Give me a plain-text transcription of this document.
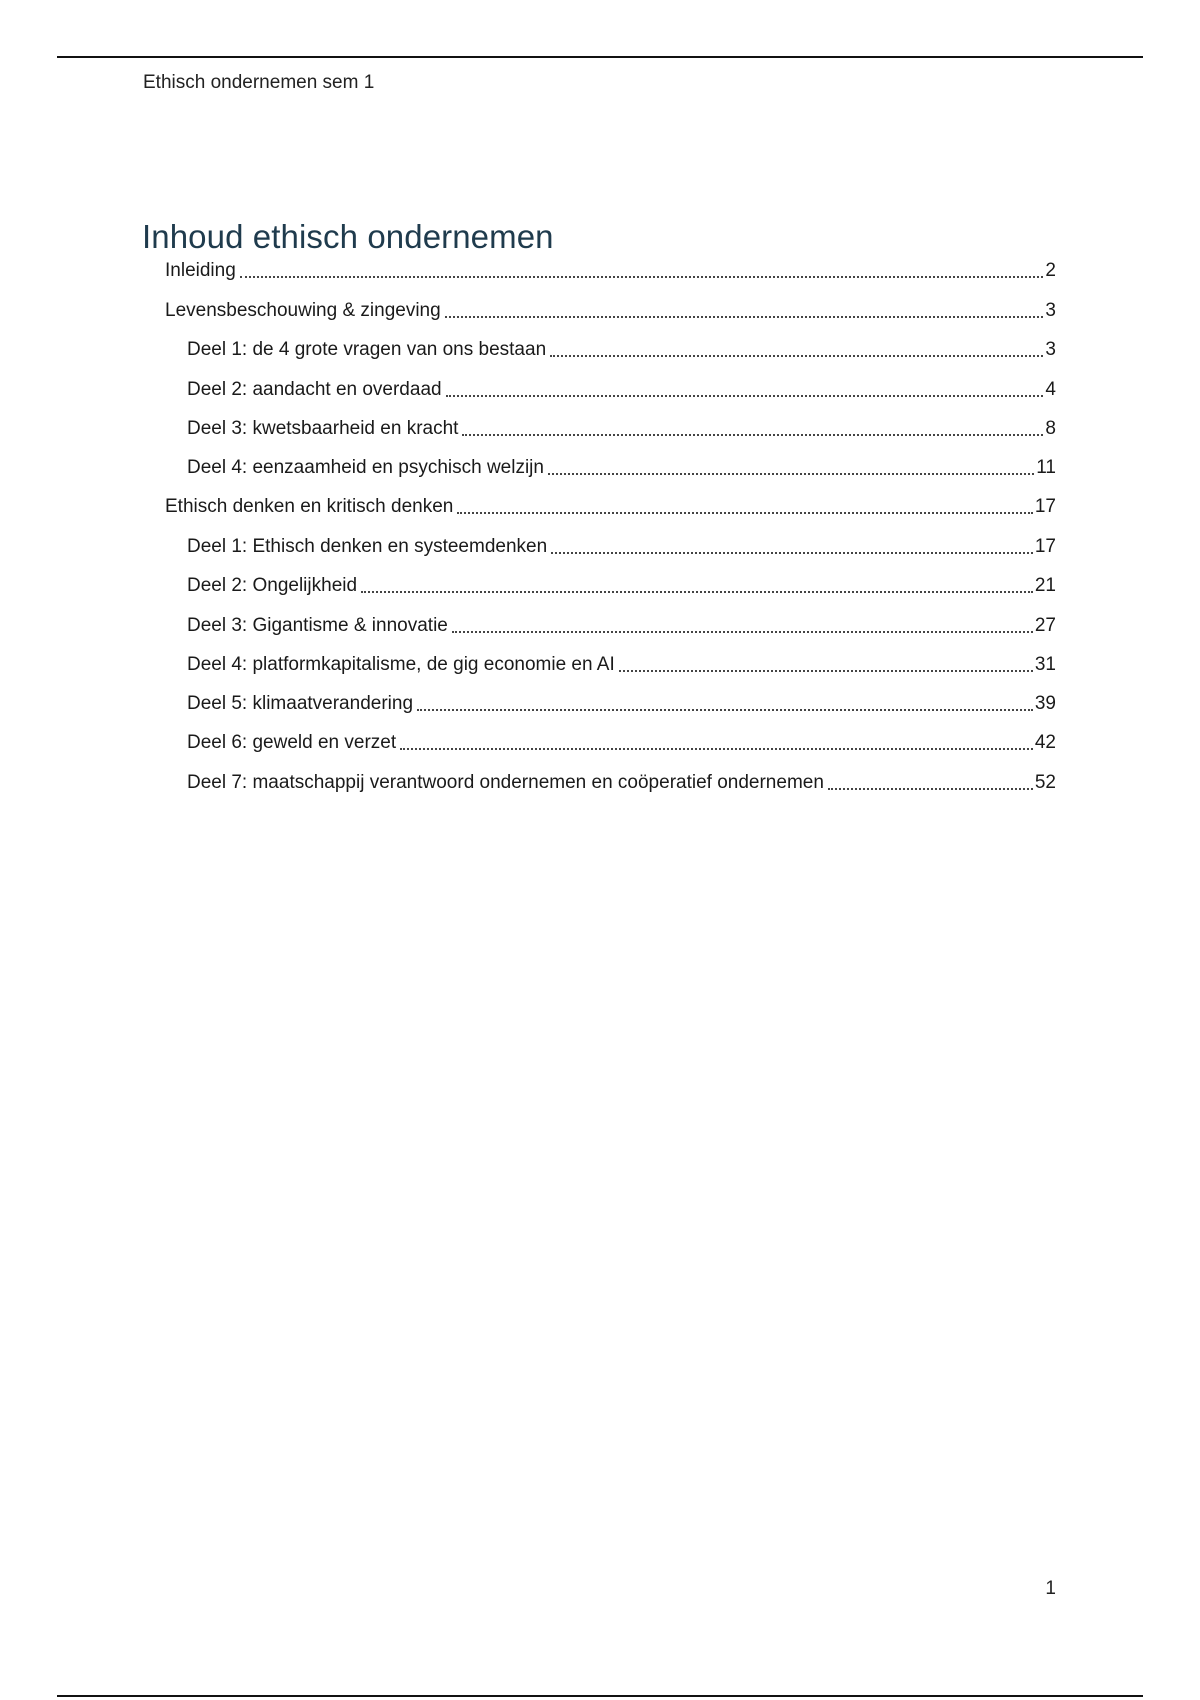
Ethisch ondernemen sem 1
Inhoud ethisch ondernemen
Inleiding	2
Levensbeschouwing & zingeving	3
Deel 1: de 4 grote vragen van ons bestaan	3
Deel 2: aandacht en overdaad	4
Deel 3: kwetsbaarheid en kracht	8
Deel 4: eenzaamheid en psychisch welzijn	11
Ethisch denken en kritisch denken	17
Deel 1: Ethisch denken en systeemdenken	17
Deel 2: Ongelijkheid	21
Deel 3: Gigantisme & innovatie	27
Deel 4: platformkapitalisme, de gig economie en AI	31
Deel 5: klimaatverandering	39
Deel 6: geweld en verzet	42
Deel 7: maatschappij verantwoord ondernemen en coöperatief ondernemen	52
1
